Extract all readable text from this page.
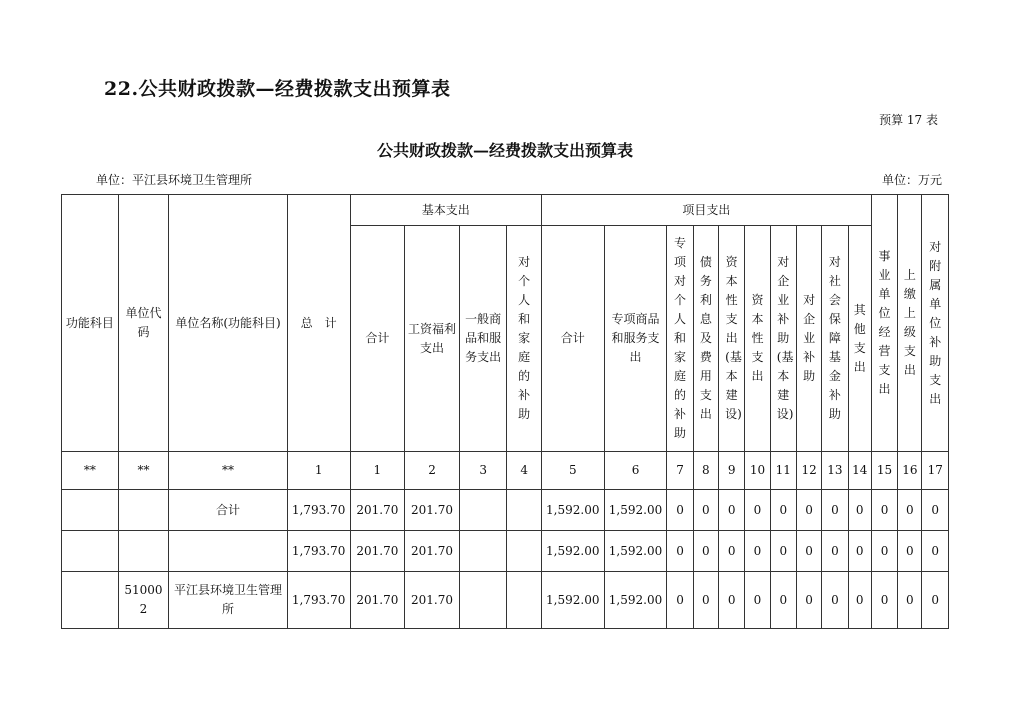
22.公共财政拨款—经费拨款支出预算表
预算 17 表
公共财政拨款—经费拨款支出预算表
单位：平江县环境卫生管理所	单位：万元
功能科目	单位代码	单位名称(功能科目)	总　计	基本支出				项目支出										事业单位经营支出	上缴上级支出	对附属单位补助支出
				合计	工资福利支出	一般商品和服务支出	对个人和家庭的补助	合计	专项商品和服务支出	专项对个人和家庭的补助	债务利息及费用支出	资本性支出(基本建设)	资本性支出	对企业补助(基本建设)	对企业补助	对社会保障基金补助	其他支出			
**	**	**	1	1	2	3	4	5	6	7	8	9	10	11	12	13	14	15	16	17
		合计	1,793.70	201.70	201.70			1,592.00	1,592.00	0	0	0	0	0	0	0	0	0	0	0
			1,793.70	201.70	201.70			1,592.00	1,592.00	0	0	0	0	0	0	0	0	0	0	0
	510002	平江县环境卫生管理所	1,793.70	201.70	201.70			1,592.00	1,592.00	0	0	0	0	0	0	0	0	0	0	0
